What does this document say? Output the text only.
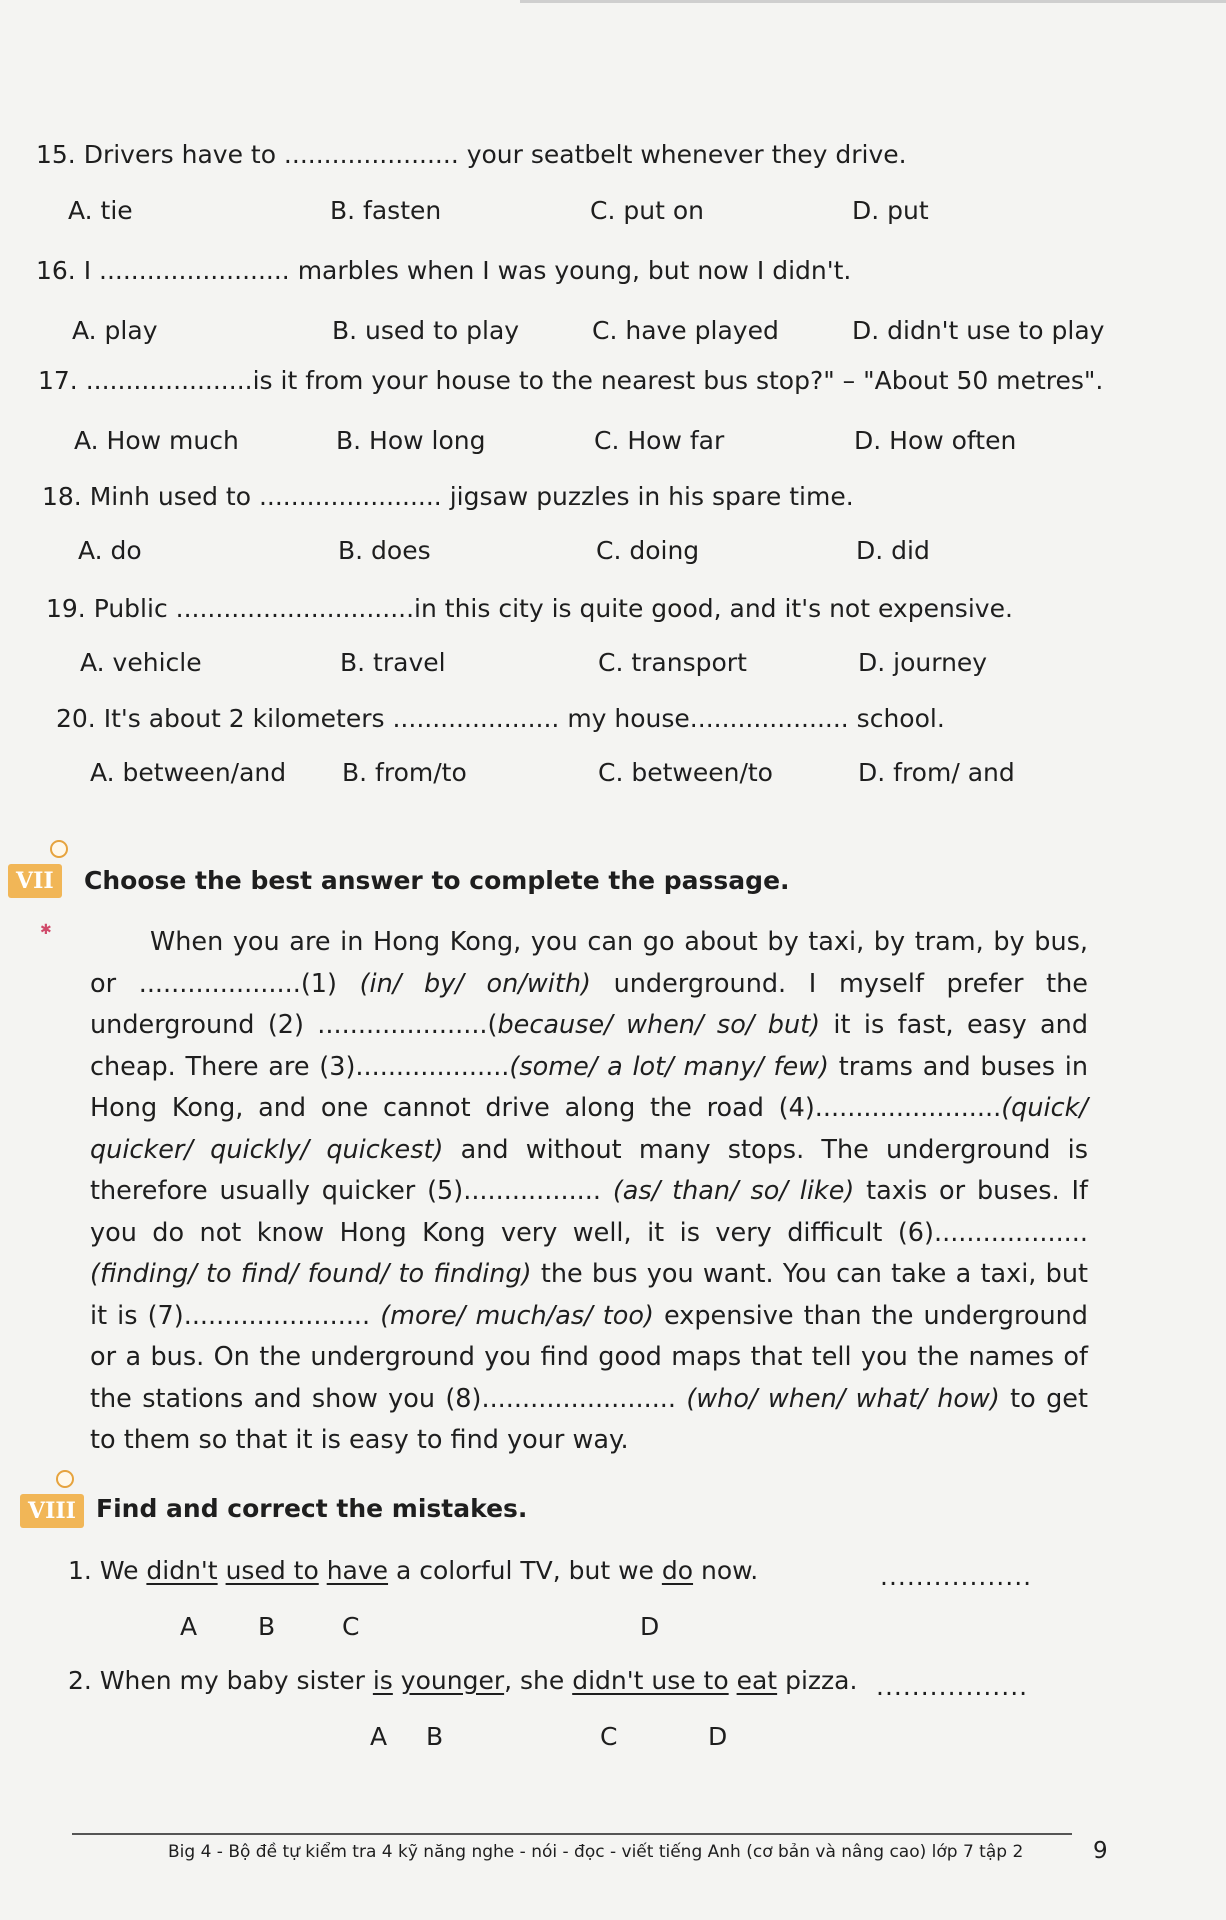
15. Drivers have to ...................... your seatbelt whenever they drive.
A. tie	B. fasten	C. put on	D. put
16. I ........................ marbles when I was young, but now I didn't.
A. play	B. used to play	C. have played	D. didn't use to play
17. .....................is it from your house to the nearest bus stop?" – "About 50 metres".
A. How much	B. How long	C. How far	D. How often
18. Minh used to ....................... jigsaw puzzles in his spare time.
A. do	B. does	C. doing	D. did
19. Public ..............................in this city is quite good, and it's not expensive.
A. vehicle	B. travel	C. transport	D. journey
20. It's about 2 kilometers ..................... my house.................... school.
A. between/and B. from/to	C. between/to	D. from/ and
VII	Choose the best answer to complete the passage.
✱	When you are in Hong Kong, you can go about by taxi, by tram, by bus, or ....................(1) (in/ by/ on/with) underground. I myself prefer the underground (2) .....................(because/ when/ so/ but) it is fast, easy and cheap. There are (3)...................(some/ a lot/ many/ few) trams and buses in Hong Kong, and one cannot drive along the road (4).......................(quick/ quicker/ quickly/ quickest) and without many stops. The underground is therefore usually quicker (5)................. (as/ than/ so/ like) taxis or buses. If you do not know Hong Kong very well, it is very difficult (6)...................(finding/ to find/ found/ to finding) the bus you want. You can take a taxi, but it is (7)....................... (more/ much/as/ too) expensive than the underground or a bus. On the underground you find good maps that tell you the names of the stations and show you (8)........................ (who/ when/ what/ how) to get to them so that it is easy to find your way.

VIII Find and correct the mistakes.
1. We didn't used to have a colorful TV, but we do now.	.................
A B	C	D
2. When my baby sister is younger, she didn't use to eat pizza. .................
A B	C	D
Big 4 - Bộ đề tự kiểm tra 4 kỹ năng nghe - nói - đọc - viết tiếng Anh (cơ bản và nâng cao) lớp 7 tập 2	9
